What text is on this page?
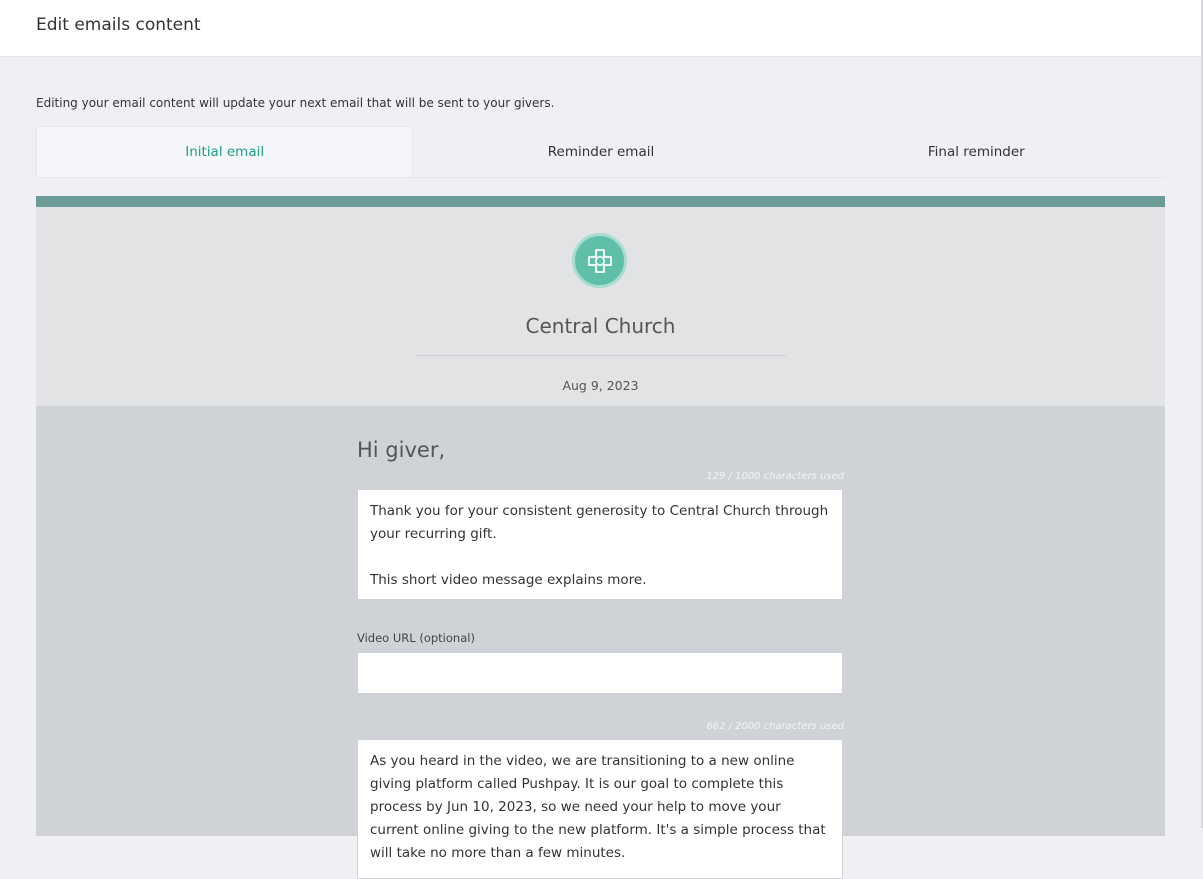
Edit emails content
Editing your email content will update your next email that will be sent to your givers.
Initial email	Reminder email	Final reminder
Central Church
Aug 9, 2023
Hi giver,
129 / 1000 characters used
Thank you for your consistent generosity to Central Church through your recurring gift.
This short video message explains more.
Video URL (optional)
662 / 2000 characters used
As you heard in the video, we are transitioning to a new online giving platform called Pushpay. It is our goal to complete this process by Jun 10, 2023, so we need your help to move your current online giving to the new platform. It's a simple process that will take no more than a few minutes.
